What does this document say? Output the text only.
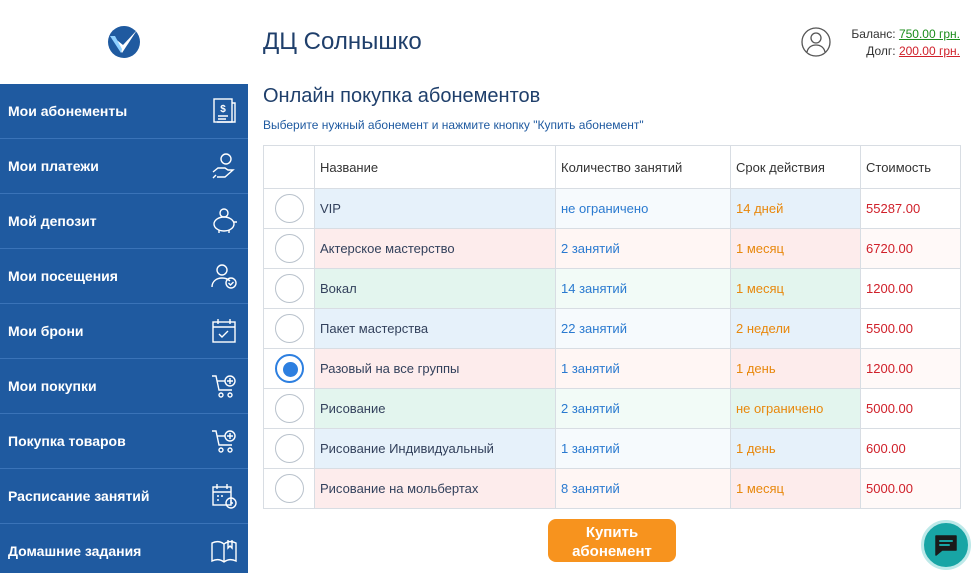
Мои абонементы	$
Мои платежи
Мой депозит
Мои посещения
Мои брони
Мои покупки
Покупка товаров
Расписание занятий
Домашние задания
ДЦ Солнышко	Баланс: 750.00 грн.
Долг: 200.00 грн.
Онлайн покупка абонементов
Выберите нужный абонемент и нажмите кнопку "Купить абонемент"
	Название	Количество занятий	Срок действия	Стоимость
	VIP	не ограничено	14 дней	55287.00
	Актерское мастерство	2 занятий	1 месяц	6720.00
	Вокал	14 занятий	1 месяц	1200.00
	Пакет мастерства	22 занятий	2 недели	5500.00
	Разовый на все группы	1 занятий	1 день	1200.00
	Рисование	2 занятий	не ограничено	5000.00
	Рисование Индивидуальный	1 занятий	1 день	600.00
	Рисование на мольбертах	8 занятий	1 месяц	5000.00
Купить абонемент
